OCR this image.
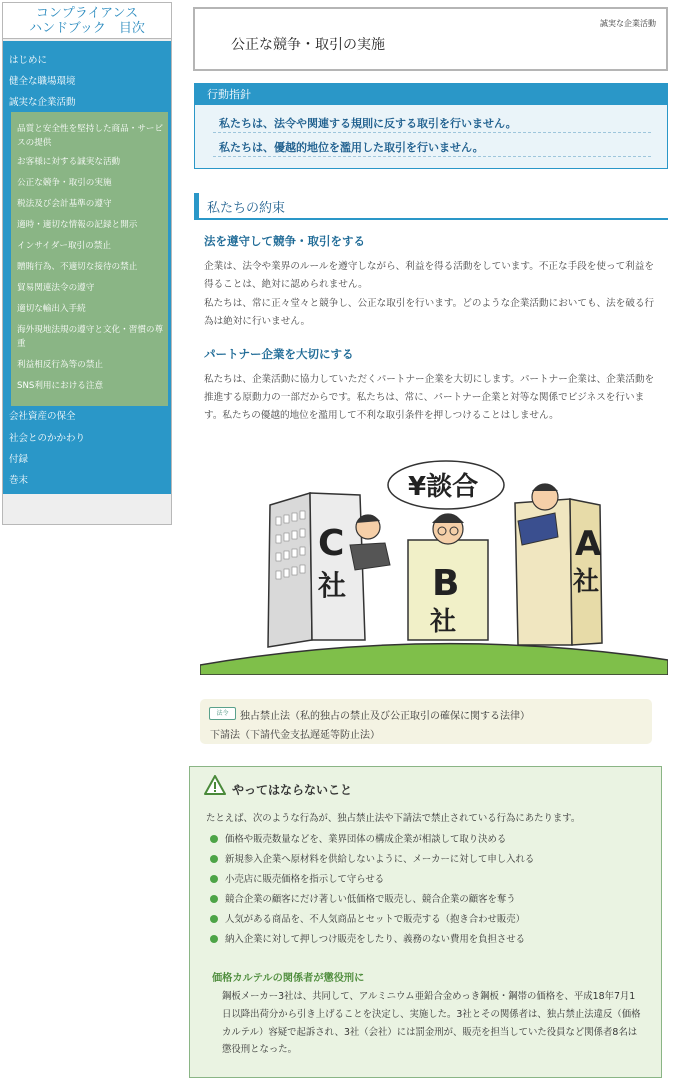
コンプライアンス
ハンドブック　目次
はじめに
健全な職場環境
誠実な企業活動
品質と安全性を堅持した商品・サービスの提供
お客様に対する誠実な活動
公正な競争・取引の実施
税法及び会計基準の遵守
適時・適切な情報の記録と開示
インサイダー取引の禁止
贈賄行為、不適切な接待の禁止
貿易関連法令の遵守
適切な輸出入手続
海外現地法規の遵守と文化・習慣の尊重
利益相反行為等の禁止
SNS利用における注意
会社資産の保全
社会とのかかわり
付録
巻末
誠実な企業活動
公正な競争・取引の実施
行動指針
私たちは、法令や関連する規則に反する取引を行いません。
私たちは、優越的地位を濫用した取引を行いません。
私たちの約束
法を遵守して競争・取引をする
企業は、法令や業界のルールを遵守しながら、利益を得る活動をしています。不正な手段を使って利益を得ることは、絶対に認められません。
私たちは、常に正々堂々と競争し、公正な取引を行います。どのような企業活動においても、法を破る行為は絶対に行いません。
パートナー企業を大切にする
私たちは、企業活動に協力していただくパートナー企業を大切にします。パートナー企業は、企業活動を推進する原動力の一部だからです。私たちは、常に、パートナー企業と対等な関係でビジネスを行います。私たちの優越的地位を濫用して不利な取引条件を押しつけることはしません。
C
社 B
社
¥談合
A
社
法令	独占禁止法（私的独占の禁止及び公正取引の確保に関する法律）
下請法（下請代金支払遅延等防止法）
やってはならないこと
たとえば、次のような行為が、独占禁止法や下請法で禁止されている行為にあたります。
価格や販売数量などを、業界団体の構成企業が相談して取り決める
新規参入企業へ原材料を供給しないように、メーカーに対して申し入れる
小売店に販売価格を指示して守らせる
競合企業の顧客にだけ著しい低価格で販売し、競合企業の顧客を奪う
人気がある商品を、不人気商品とセットで販売する（抱き合わせ販売）
納入企業に対して押しつけ販売をしたり、義務のない費用を負担させる
価格カルテルの関係者が懲役刑に
鋼板メーカー3社は、共同して、アルミニウム亜鉛合金めっき鋼板・鋼帯の価格を、平成18年7月1日以降出荷分から引き上げることを決定し、実施した。3社とその関係者は、独占禁止法違反（価格カルテル）容疑で起訴され、3社（会社）には罰金刑が、販売を担当していた役員など関係者8名は懲役刑となった。
